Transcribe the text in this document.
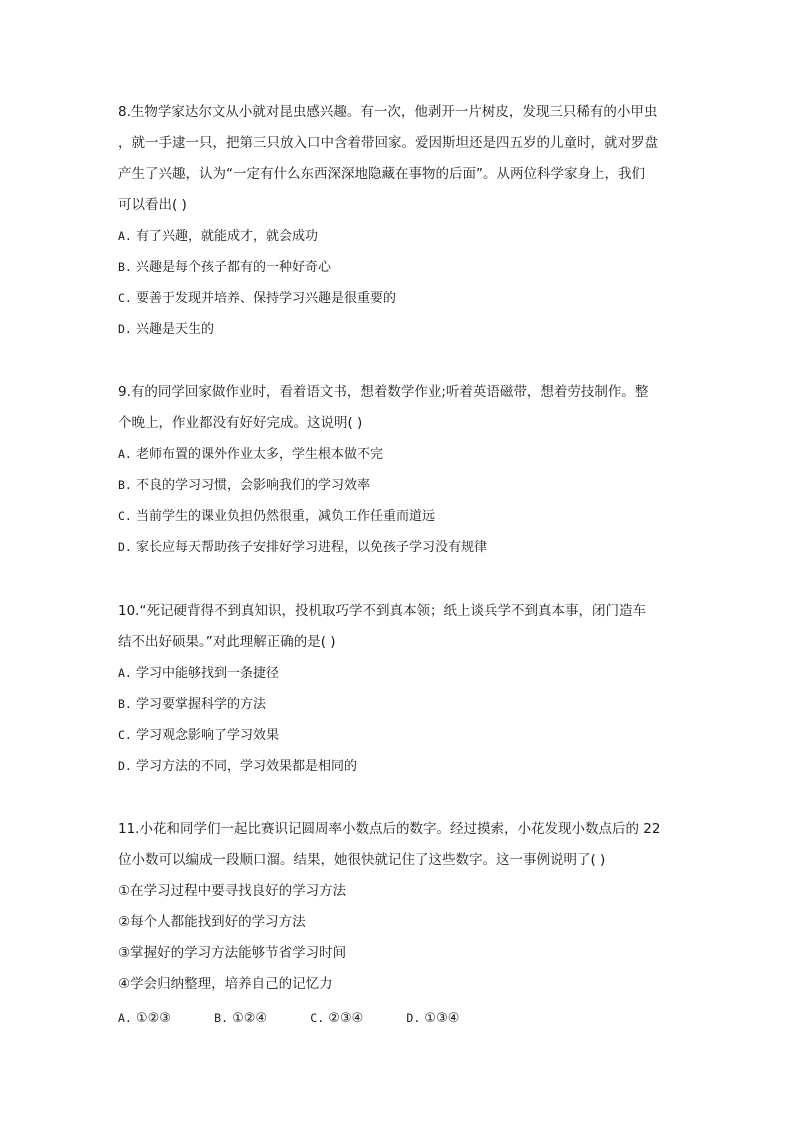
8.生物学家达尔文从小就对昆虫感兴趣。有一次，他剥开一片树皮，发现三只稀有的小甲虫
，就一手逮一只，把第三只放入口中含着带回家。爱因斯坦还是四五岁的儿童时，就对罗盘
产生了兴趣，认为“一定有什么东西深深地隐藏在事物的后面”。从两位科学家身上，我们
可以看出( )
A. 有了兴趣，就能成才，就会成功
B. 兴趣是每个孩子都有的一种好奇心
C. 要善于发现并培养、保持学习兴趣是很重要的
D. 兴趣是天生的
9.有的同学回家做作业时，看着语文书，想着数学作业;听着英语磁带，想着劳技制作。整
个晚上，作业都没有好好完成。这说明( )
A. 老师布置的课外作业太多，学生根本做不完
B. 不良的学习习惯，会影响我们的学习效率
C. 当前学生的课业负担仍然很重，减负工作任重而道远
D. 家长应每天帮助孩子安排好学习进程，以免孩子学习没有规律
10.“死记硬背得不到真知识，投机取巧学不到真本领；纸上谈兵学不到真本事，闭门造车
结不出好硕果。”对此理解正确的是( )
A. 学习中能够找到一条捷径
B. 学习要掌握科学的方法
C. 学习观念影响了学习效果
D. 学习方法的不同，学习效果都是相同的
11.小花和同学们一起比赛识记圆周率小数点后的数字。经过摸索，小花发现小数点后的 22
位小数可以编成一段顺口溜。结果，她很快就记住了这些数字。这一事例说明了( )
①在学习过程中要寻找良好的学习方法
②每个人都能找到好的学习方法
③掌握好的学习方法能够节省学习时间
④学会归纳整理，培养自己的记忆力
A. ①②③	B. ①②④	C. ②③④	D. ①③④
